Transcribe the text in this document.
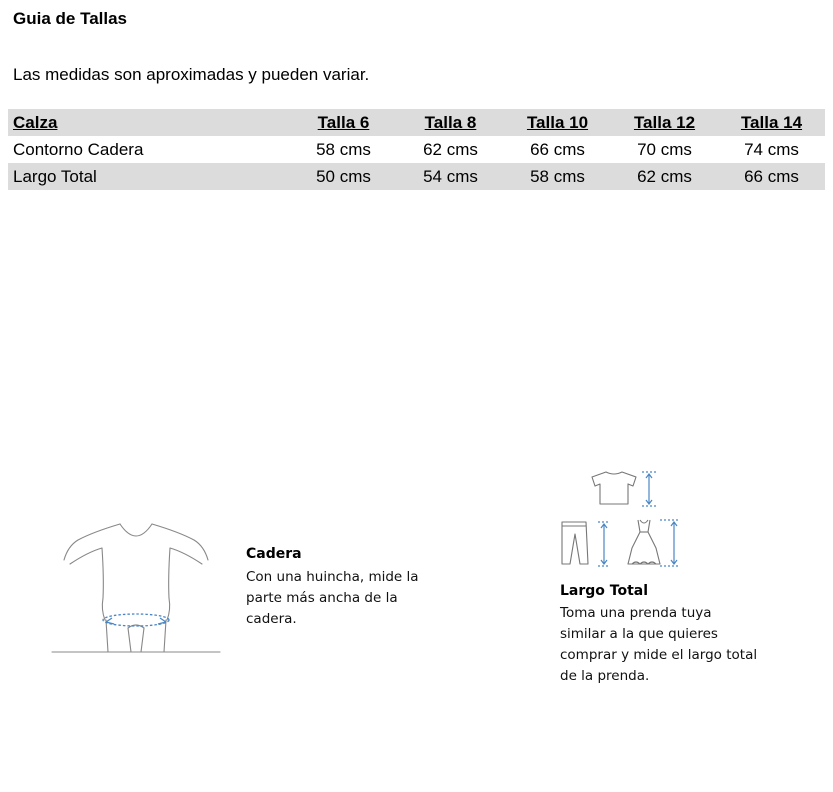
Guia de Tallas
Las medidas son aproximadas y pueden variar.
Calza	Talla 6	Talla 8	Talla 10	Talla 12	Talla 14
Contorno Cadera	58 cms	62 cms	66 cms	70 cms	74 cms
Largo Total	50 cms	54 cms	58 cms	62 cms	66 cms
Cadera
Con una huincha, mide la
parte más ancha de la
cadera.
Largo Total
Toma una prenda tuya
similar a la que quieres
comprar y mide el largo total
de la prenda.
